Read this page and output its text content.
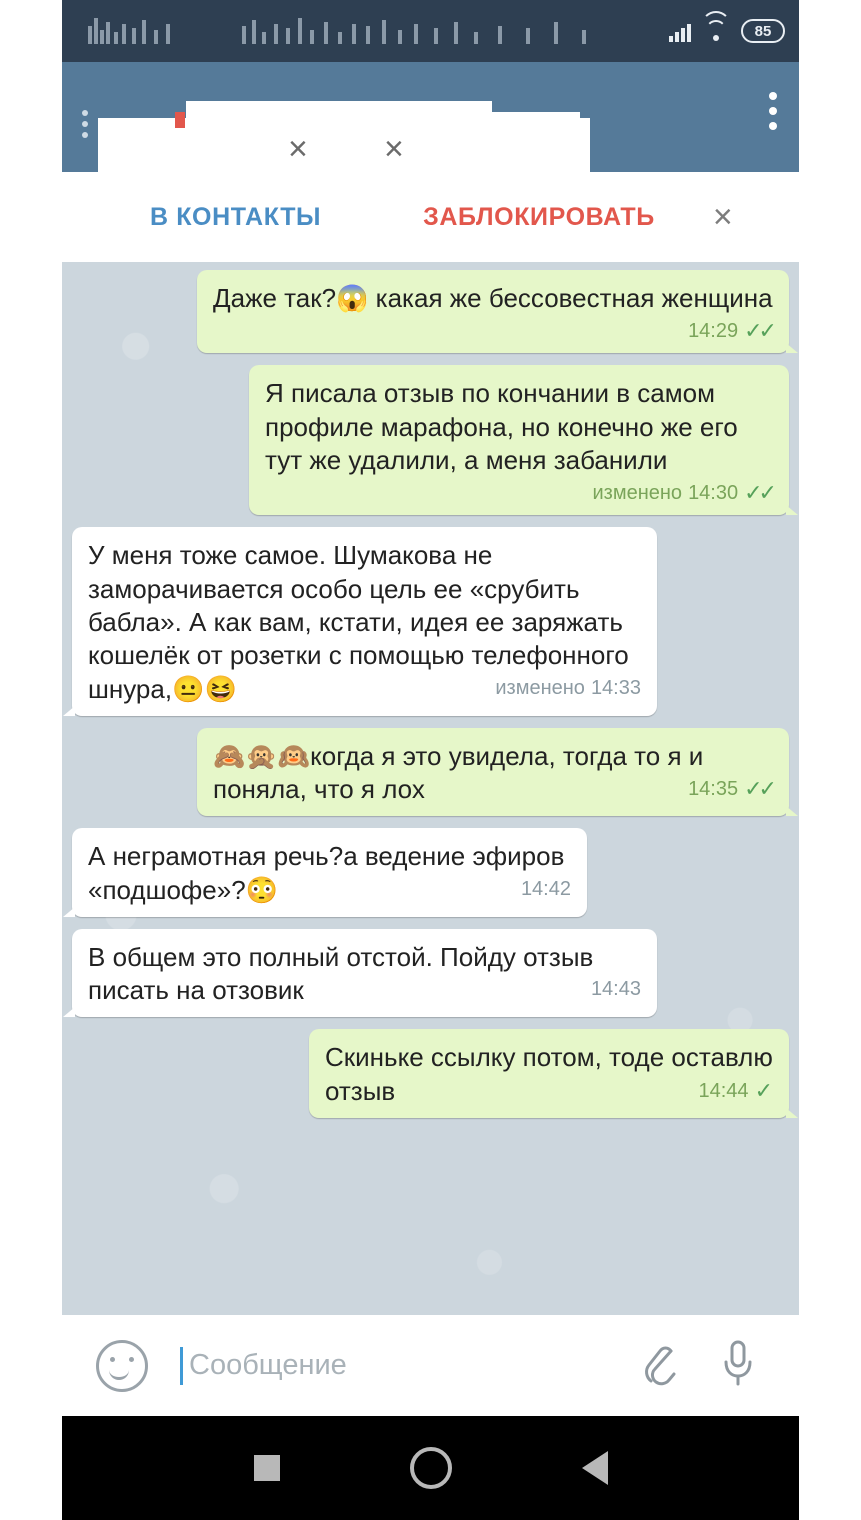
85
× ×
В КОНТАКТЫ	ЗАБЛОКИРОВАТЬ ×
Даже так?😱 какая же бессовестная женщина
14:29 ✓✓
Я писала отзыв по кончании в самом профиле марафона, но конечно же его тут же удалили, а меня забанили
изменено 14:30 ✓✓
У меня тоже самое. Шумакова не заморачивается особо цель ее «срубить бабла». А как вам, кстати, идея ее заряжать кошелёк от розетки с помощью телефонного шнура,😐😆	изменено 14:33
🙈🙊🙉когда я это увидела, тогда то я и поняла, что я лох	14:35 ✓✓
А неграмотная речь?а ведение эфиров «подшофе»?😳	14:42
В общем это полный отстой. Пойду отзыв писать на отзовик	14:43
Скиньке ссылку потом, тоде оставлю отзыв	14:44 ✓
Сообщение
